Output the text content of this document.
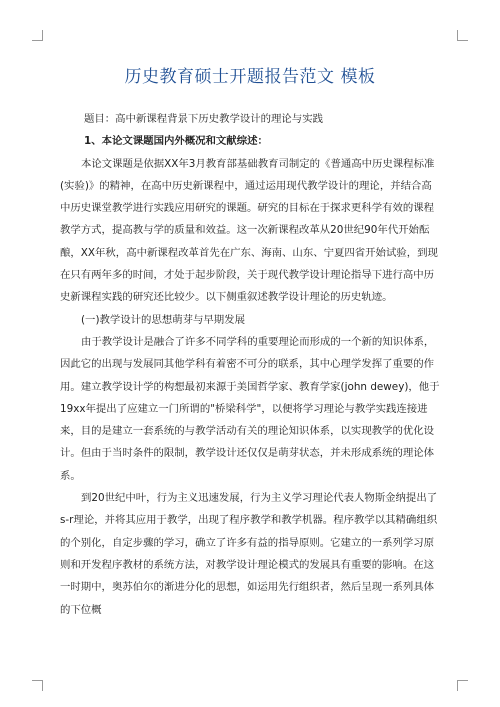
历史教育硕士开题报告范文 模板

题目：高中新课程背景下历史教学设计的理论与实践

1、本论文课题国内外概况和文献综述：

本论文课题是依据XX年3月教育部基础教育司制定的《普通高中历史课程标准(实验)》的精神，在高中历史新课程中，通过运用现代教学设计的理论，并结合高中历史课堂教学进行实践应用研究的课题。研究的目标在于探求更科学有效的课程教学方式，提高教与学的质量和效益。这一次新课程改革从20世纪90年代开始酝酿，XX年秋，高中新课程改革首先在广东、海南、山东、宁夏四省开始试验，到现在只有两年多的时间，才处于起步阶段，关于现代教学设计理论指导下进行高中历史新课程实践的研究还比较少。以下侧重叙述教学设计理论的历史轨迹。

(一)教学设计的思想萌芽与早期发展

由于教学设计是融合了许多不同学科的重要理论而形成的一个新的知识体系，因此它的出现与发展同其他学科有着密不可分的联系，其中心理学发挥了重要的作用。建立教学设计学的构想最初来源于美国哲学家、教育学家(john dewey)，他于19xx年提出了应建立一门所谓的"桥梁科学"，以便将学习理论与教学实践连接进来，目的是建立一套系统的与教学活动有关的理论知识体系，以实现教学的优化设计。但由于当时条件的限制，教学设计还仅仅是萌芽状态，并未形成系统的理论体系。

到20世纪中叶，行为主义迅速发展，行为主义学习理论代表人物斯金纳提出了s-r理论，并将其应用于教学，出现了程序教学和教学机器。程序教学以其精确组织的个别化，自定步骤的学习，确立了许多有益的指导原则。它建立的一系列学习原则和开发程序教材的系统方法，对教学设计理论模式的发展具有重要的影响。在这一时期中，奥苏伯尔的渐进分化的思想，如运用先行组织者，然后呈现一系列具体的下位概
